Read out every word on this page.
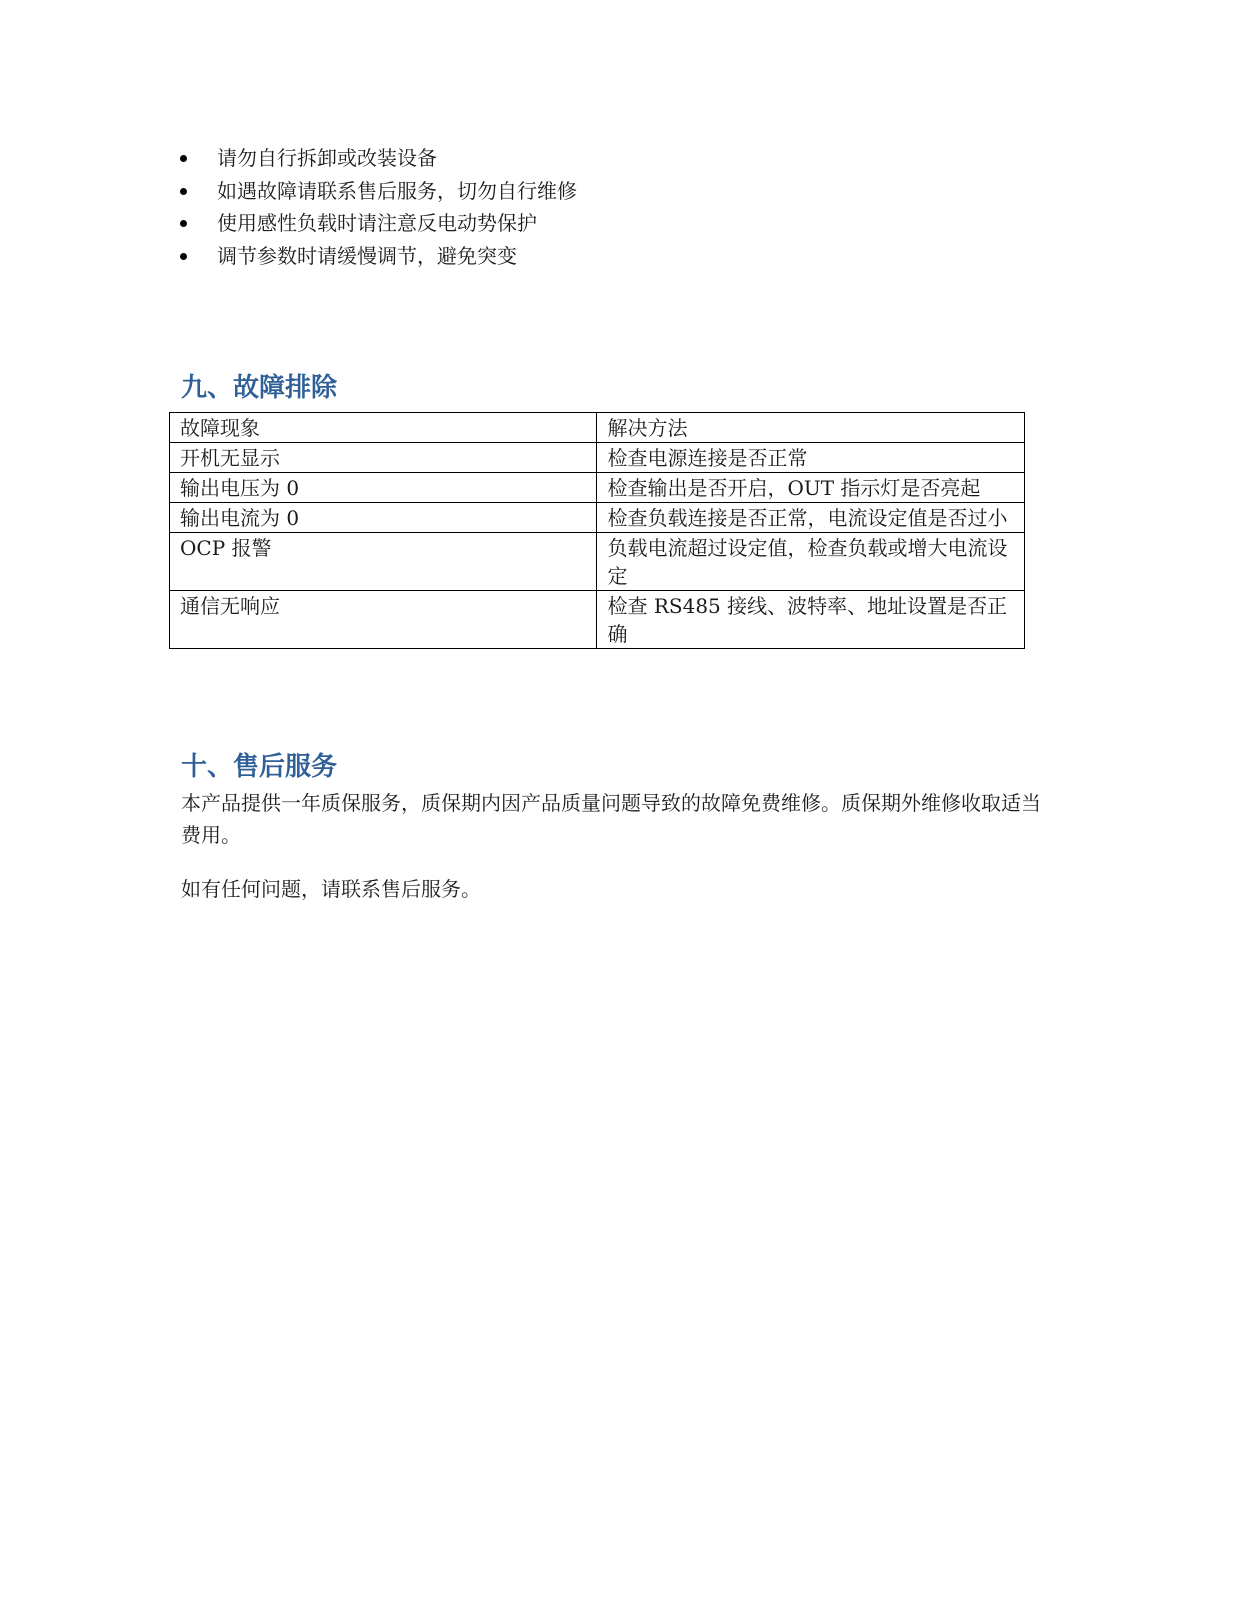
请勿自行拆卸或改装设备
如遇故障请联系售后服务，切勿自行维修
使用感性负载时请注意反电动势保护
调节参数时请缓慢调节，避免突变
九、故障排除
故障现象	解决方法
开机无显示	检查电源连接是否正常
输出电压为 0	检查输出是否开启，OUT 指示灯是否亮起
输出电流为 0	检查负载连接是否正常，电流设定值是否过小
OCP 报警	负载电流超过设定值，检查负载或增大电流设定
通信无响应	检查 RS485 接线、波特率、地址设置是否正确
十、售后服务

本产品提供一年质保服务，质保期内因产品质量问题导致的故障免费维修。质保期外维修收取适当费用。

如有任何问题，请联系售后服务。
